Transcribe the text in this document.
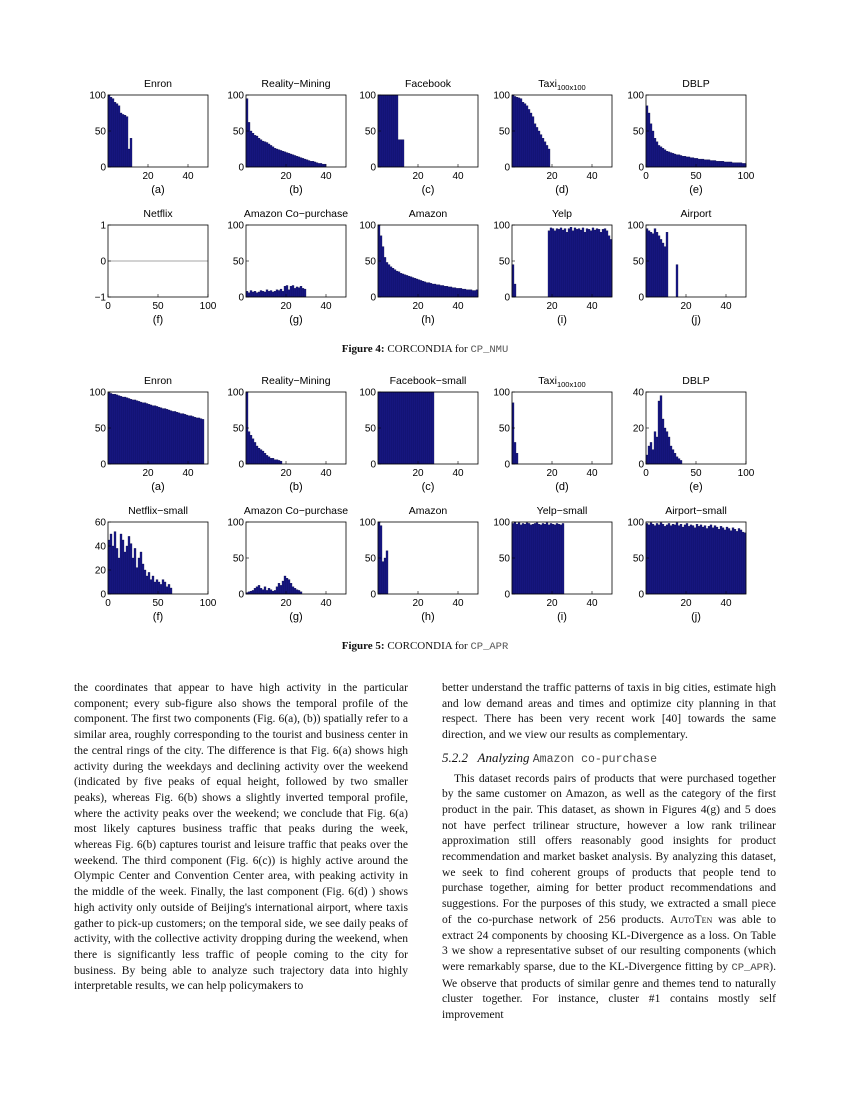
Enron
0
50
100
20	40
(a)
Reality−Mining
0
50
100
20	40
(b)
Facebook
0
50
100
20	40
(c)
Taxi$_{100x100}$
0
50
100
20	40
(d)
DBLP
0
50
100
0	50	100
(e)
Netflix
−1
0
1
0	50	100
(f)
Amazon Co−purchase
0
50
100
20	40
(g)
Amazon
0
50
100
20	40
(h)
Yelp
0
50
100
20	40
(i)
Airport
0
50
100
20	40
(j)
Enron
0
50
100
20	40
(a)
Reality−Mining
0
50
100
20	40
(b)
Facebook−small
0
50
100
20	40
(c)
Taxi$_{100x100}$
0
50
100
20	40
(d)
DBLP
0
20
40
0	50	100
(e)
Netflix−small
0
20
40
60
0	50	100
(f)
Amazon Co−purchase
0
50
100
20	40
(g)
Amazon
0
50
100
20	40
(h)
Yelp−small
0
50
100
20	40
(i)
Airport−small
0
50
100
20	40
(j)
Figure 4: CORCONDIA for CP_NMU
Figure 5: CORCONDIA for CP_APR

the coordinates that appear to have high activity in the particular component; every sub-figure also shows the temporal profile of the component. The first two components (Fig. 6(a), (b)) spatially refer to a similar area, roughly corresponding to the tourist and business center in the central rings of the city. The difference is that Fig. 6(a) shows high activity during the weekdays and declining activity over the weekend (indicated by five peaks of equal height, followed by two smaller peaks), whereas Fig. 6(b) shows a slightly inverted temporal profile, where the activity peaks over the weekend; we conclude that Fig. 6(a) most likely captures business traffic that peaks during the week, whereas Fig. 6(b) captures tourist and leisure traffic that peaks over the weekend. The third component (Fig. 6(c)) is highly active around the Olympic Center and Convention Center area, with peaking activity in the middle of the week. Finally, the last component (Fig. 6(d) ) shows high activity only outside of Beijing's international airport, where taxis gather to pick-up customers; on the temporal side, we see daily peaks of activity, with the collective activity dropping during the weekend, when there is significantly less traffic of people coming to the city for business. By being able to analyze such trajectory data into highly interpretable results, we can help policymakers to

better understand the traffic patterns of taxis in big cities, estimate high and low demand areas and times and optimize city planning in that respect. There has been very recent work [40] towards the same direction, and we view our results as complementary.

5.2.2 Analyzing Amazon co-purchase

This dataset records pairs of products that were purchased together by the same customer on Amazon, as well as the category of the first product in the pair. This dataset, as shown in Figures 4(g) and 5 does not have perfect trilinear structure, however a low rank trilinear approximation still offers reasonably good insights for product recommendation and market basket analysis. By analyzing this dataset, we seek to find coherent groups of products that people tend to purchase together, aiming for better product recommendations and suggestions. For the purposes of this study, we extracted a small piece of the co-purchase network of 256 products. AutoTen was able to extract 24 components by choosing KL-Divergence as a loss. On Table 3 we show a representative subset of our resulting components (which were remarkably sparse, due to the KL-Divergence fitting by CP_APR). We observe that products of similar genre and themes tend to naturally cluster together. For instance, cluster #1 contains mostly self improvement
